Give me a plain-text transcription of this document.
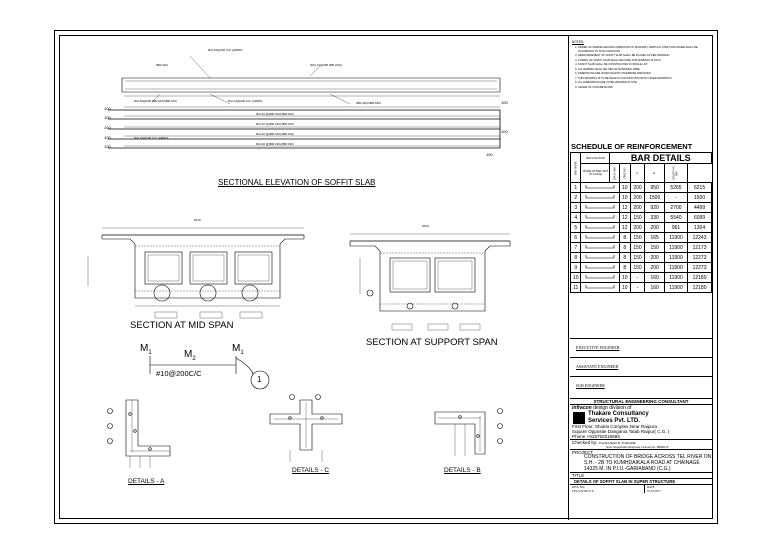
DIA 16@200 C/C (ARND)
(BR.310)	(DIA 12@250 (BR.310))
DIA 20@200 (BR.310)/(BR.310)	DIA 12@200 C/C (ARND)
DIA 10@200 C/C (ARND)
(BR.310)/(BR.310)
DIA 20 @(BR.310)/(BR.310)
DIA 20 @(BR.310)/(BR.310)
DIA 20 @(BR.310)/(BR.310)
DIA 20 @(BR.310)/(BR.310)
100
100
100
100
100
100
100
100
SECTIONAL ELEVATION OF SOFFIT SLAB
9410
9410
SECTION AT MID SPAN
SECTION AT SUPPORT SPAN
$M_1$	$M_2$
$M_1$
#10@200C/C
1
DETAILS - A
DETAILS - C	DETAILS - B
NOTES:
1. ORDER OF SHRINKAGE AND FORMATION OF MASONRY VERTICAL STEP FOR FRAME SHALL BE ACCORDING TO SITE CONDITION
2. REINFORCEMENT OF SOFFIT SLAB SHALL BE PLACED AS PER DRAWING
3. CURING OF SOFFIT SLAB SHALL BE DONE FOR MINIMUM 14 DAYS
4. SOFFIT SLAB SHALL BE CONSTRUCTED IN SINGLE LIFT
5. ALL REBARS SHALL BE TIED WITH BINDING WIRE
6. DIMENSIONS ARE IN MM UNLESS OTHERWISE SPECIFIED
7. THIS DRAWING IS TO BE READ IN CONJUNCTION WITH OTHER DRAWINGS
8. ALL DIMENSIONS ARE TO BE VERIFIED AT SITE
9. GRADE OF CONCRETE M35
SCHEDULE OF REINFORCEMENT
BAR MARK	BAR LOCATION	BAR DETAILS					
	SHAPE OF BAR (NOT TO SCALE)	DIA IN MM	SPACING	A	B	LENGTH IN MM	
1			10	200	950	5265	6215
2			10	200	1500	-	1500
3			12	200	920	2700	4499
4			12	150	330	5540	6099
5			12	200	200	961	1304
6			8	150	165	11900	12243
7			8	150	150	11900	12173
8			8	150	200	11900	12273
9			8	150	200	11900	12273
10			10	-	160	11900	12180
11			10	-	160	11900	12180
EXECUTIVE ENGINEER
ASSISTANT ENGINEER
SUB ENGINEER
STRUCTURAL ENGINEERING CONSULTANT
infracon design division of
Thakare Consultancy
Services Pvt. LTD.
First Floor, Shukla Complex,Near Raipura
Square Opposite Dangania Talab Raipur( C.G. )
Phone +919752019595
Checked by: Prof.RAJESH B. THAKARE
Govt. Registration Engineer Licence No. 4B008-07
PROJECT
CONSTRUCTION OF BRIDGE ACROSS TEL RIVER ON S.H. - 2B TO KUMHDAIKALA ROAD AT CHAINAGE 14325 M. IN P.I.U.-GARIABAND (C.G.)
TITLE
DETAILS OF SOFFIT SLAB IN SUPER STRUCTURE
DWG NO.
TEL/S-R/SP/01 A
DATE
01-07/2017
